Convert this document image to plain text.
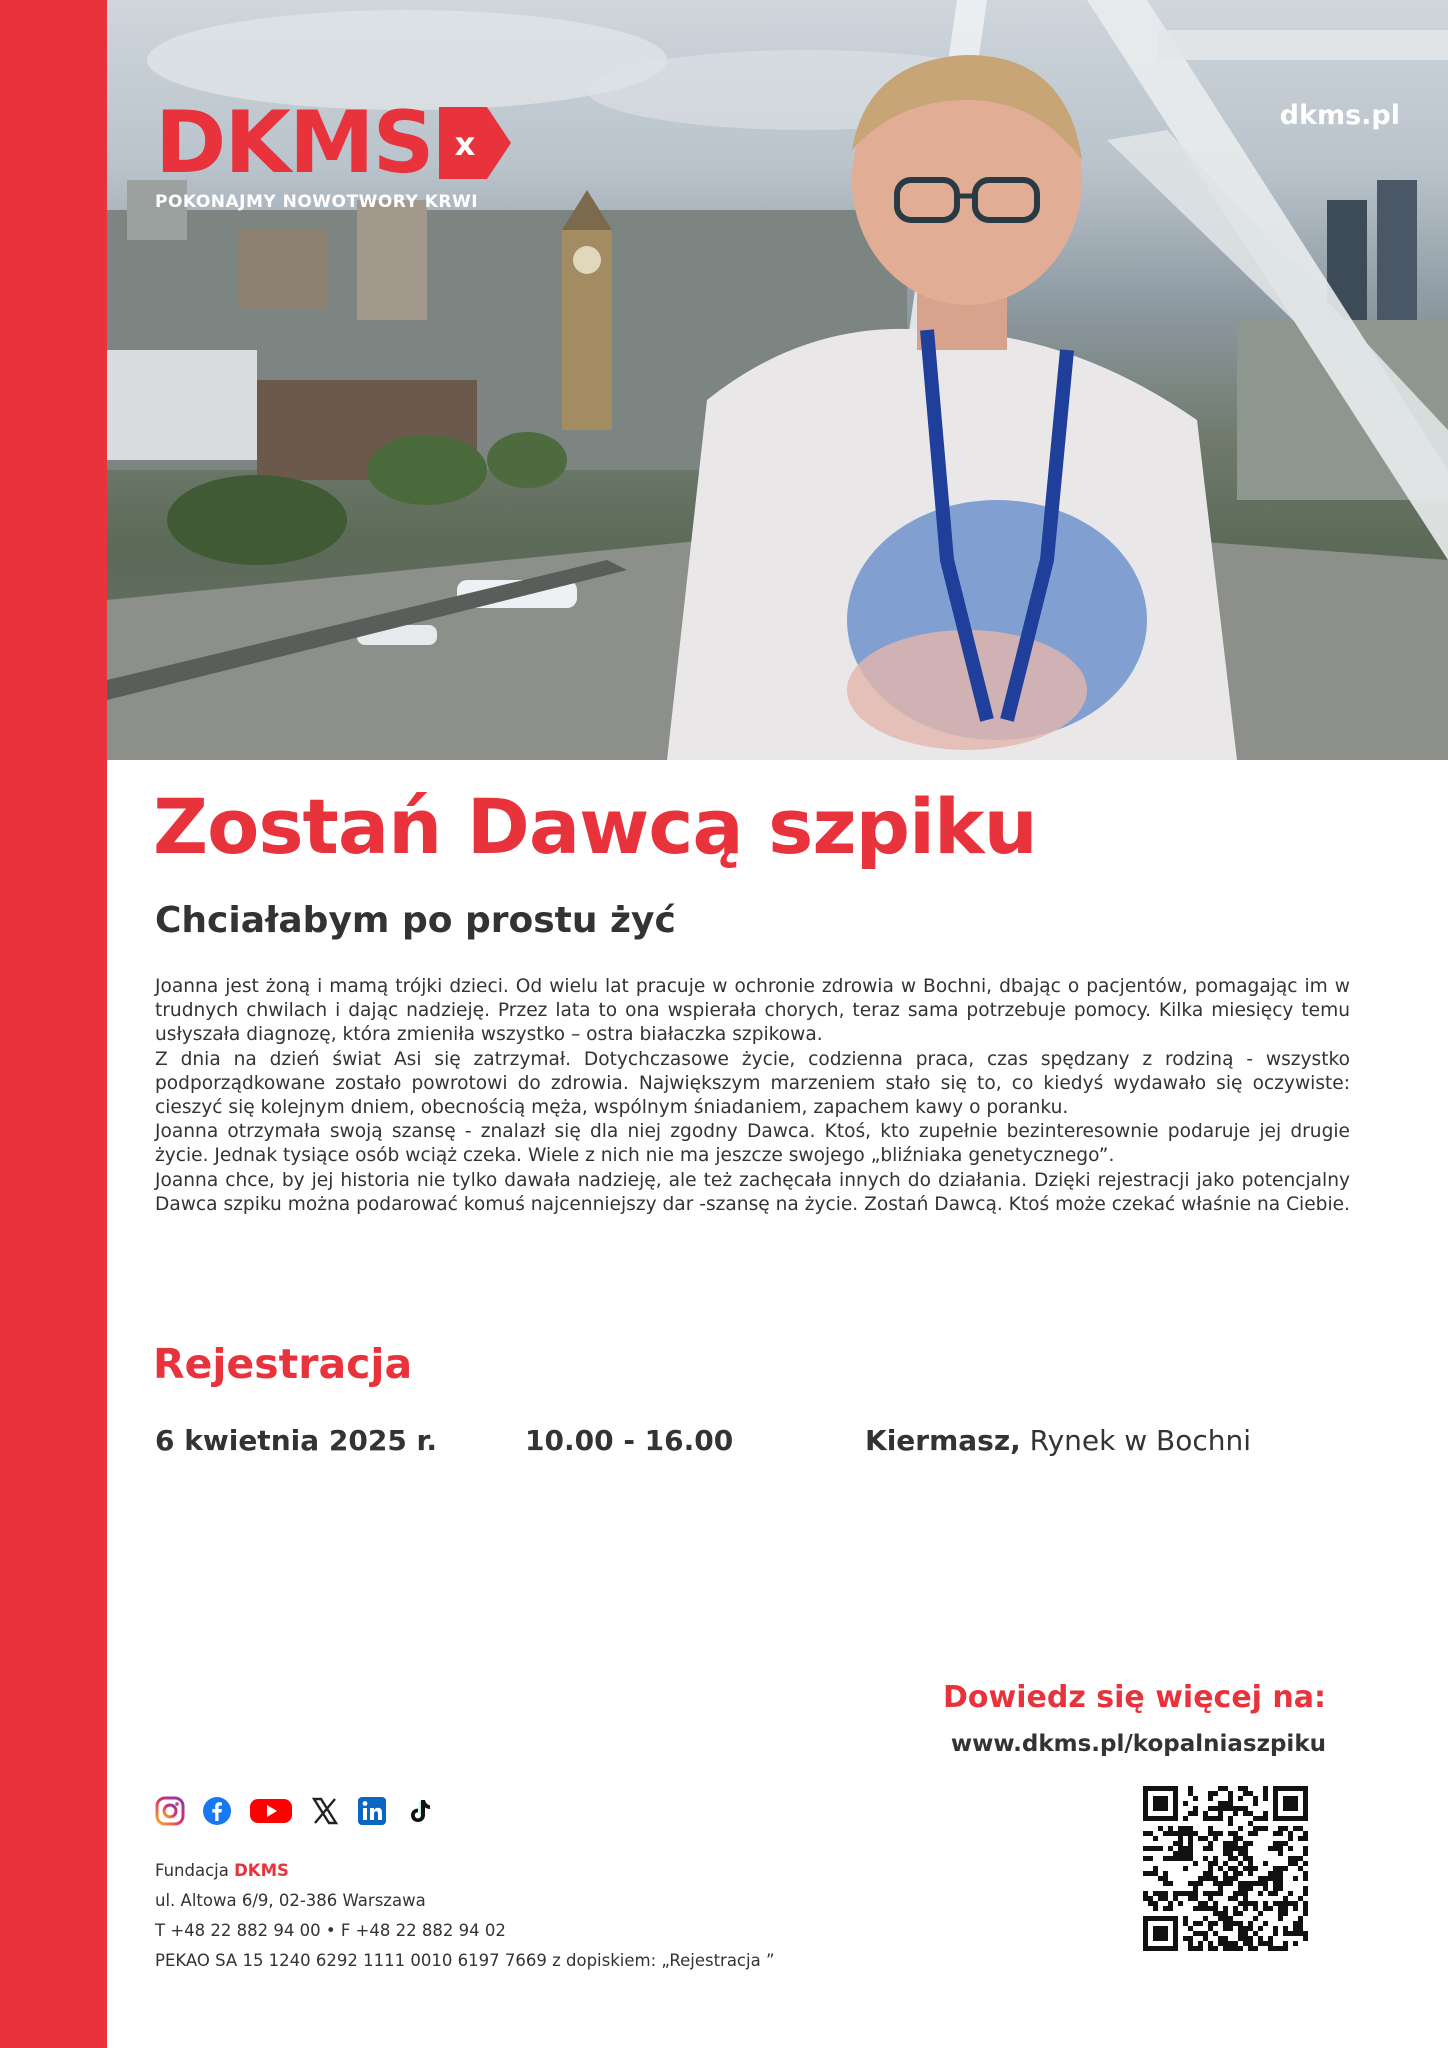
DKMS x
POKONAJMY NOWOTWORY KRWI
dkms.pl
Zostań Dawcą szpiku
Chciałabym po prostu żyć

Joanna jest żoną i mamą trójki dzieci. Od wielu lat pracuje w ochronie zdrowia w Bochni, dbając o pacjentów, pomagając im w trudnych chwilach i dając nadzieję. Przez lata to ona wspierała chorych, teraz sama potrzebuje pomocy. Kilka miesięcy temu usłyszała diagnozę, która zmieniła wszystko – ostra białaczka szpikowa.

Z dnia na dzień świat Asi się zatrzymał. Dotychczasowe życie, codzienna praca, czas spędzany z rodziną - wszystko podporządkowane zostało powrotowi do zdrowia. Największym marzeniem stało się to, co kiedyś wydawało się oczywiste: cieszyć się kolejnym dniem, obecnością męża, wspólnym śniadaniem, zapachem kawy o poranku.

Joanna otrzymała swoją szansę - znalazł się dla niej zgodny Dawca. Ktoś, kto zupełnie bezinteresownie podaruje jej drugie życie. Jednak tysiące osób wciąż czeka. Wiele z nich nie ma jeszcze swojego „bliźniaka genetycznego”.

Joanna chce, by jej historia nie tylko dawała nadzieję, ale też zachęcała innych do działania. Dzięki rejestracji jako potencjalny Dawca szpiku można podarować komuś najcenniejszy dar -szansę na życie. Zostań Dawcą. Ktoś może czekać właśnie na Ciebie.

Rejestracja
6 kwietnia 2025 r.	10.00 - 16.00	Kiermasz, Rynek w Bochni
Dowiedz się więcej na:
www.dkms.pl/kopalniaszpiku
Fundacja DKMS
ul. Altowa 6/9, 02-386 Warszawa
T +48 22 882 94 00 • F +48 22 882 94 02
PEKAO SA 15 1240 6292 1111 0010 6197 7669 z dopiskiem: „Rejestracja ”
